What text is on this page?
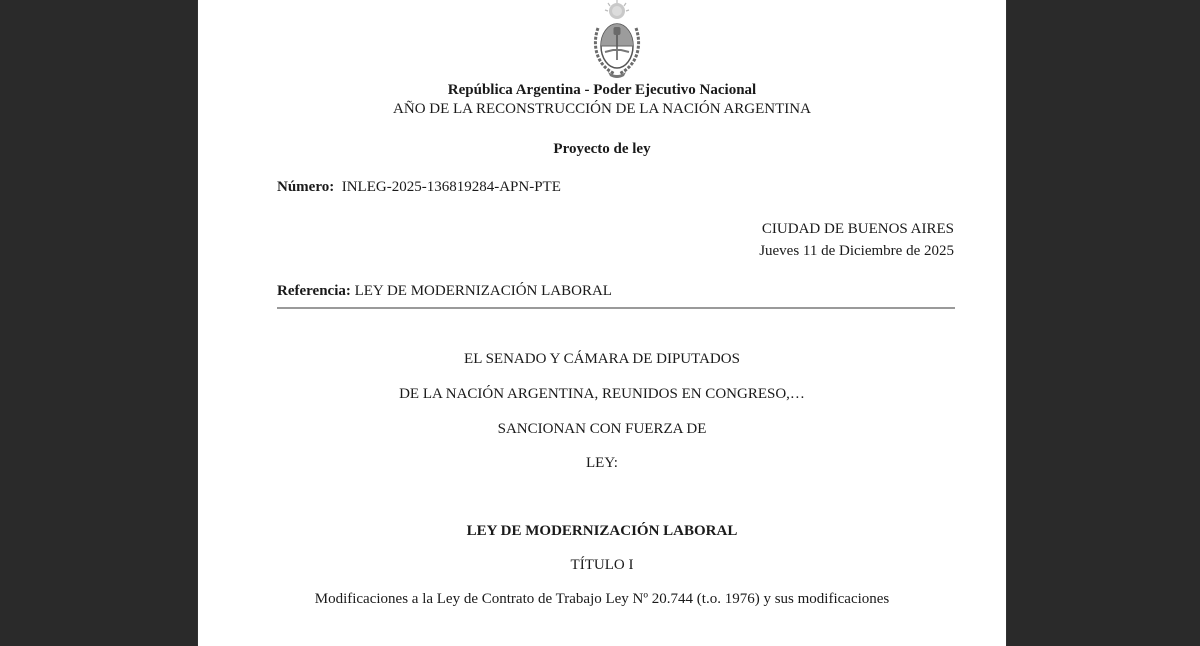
República Argentina - Poder Ejecutivo Nacional
AÑO DE LA RECONSTRUCCIÓN DE LA NACIÓN ARGENTINA
Proyecto de ley
Número: INLEG-2025-136819284-APN-PTE
CIUDAD DE BUENOS AIRES
Jueves 11 de Diciembre de 2025
Referencia: LEY DE MODERNIZACIÓN LABORAL
EL SENADO Y CÁMARA DE DIPUTADOS
DE LA NACIÓN ARGENTINA, REUNIDOS EN CONGRESO,…
SANCIONAN CON FUERZA DE
LEY:
LEY DE MODERNIZACIÓN LABORAL
TÍTULO I
Modificaciones a la Ley de Contrato de Trabajo Ley Nº 20.744 (t.o. 1976) y sus modificaciones
